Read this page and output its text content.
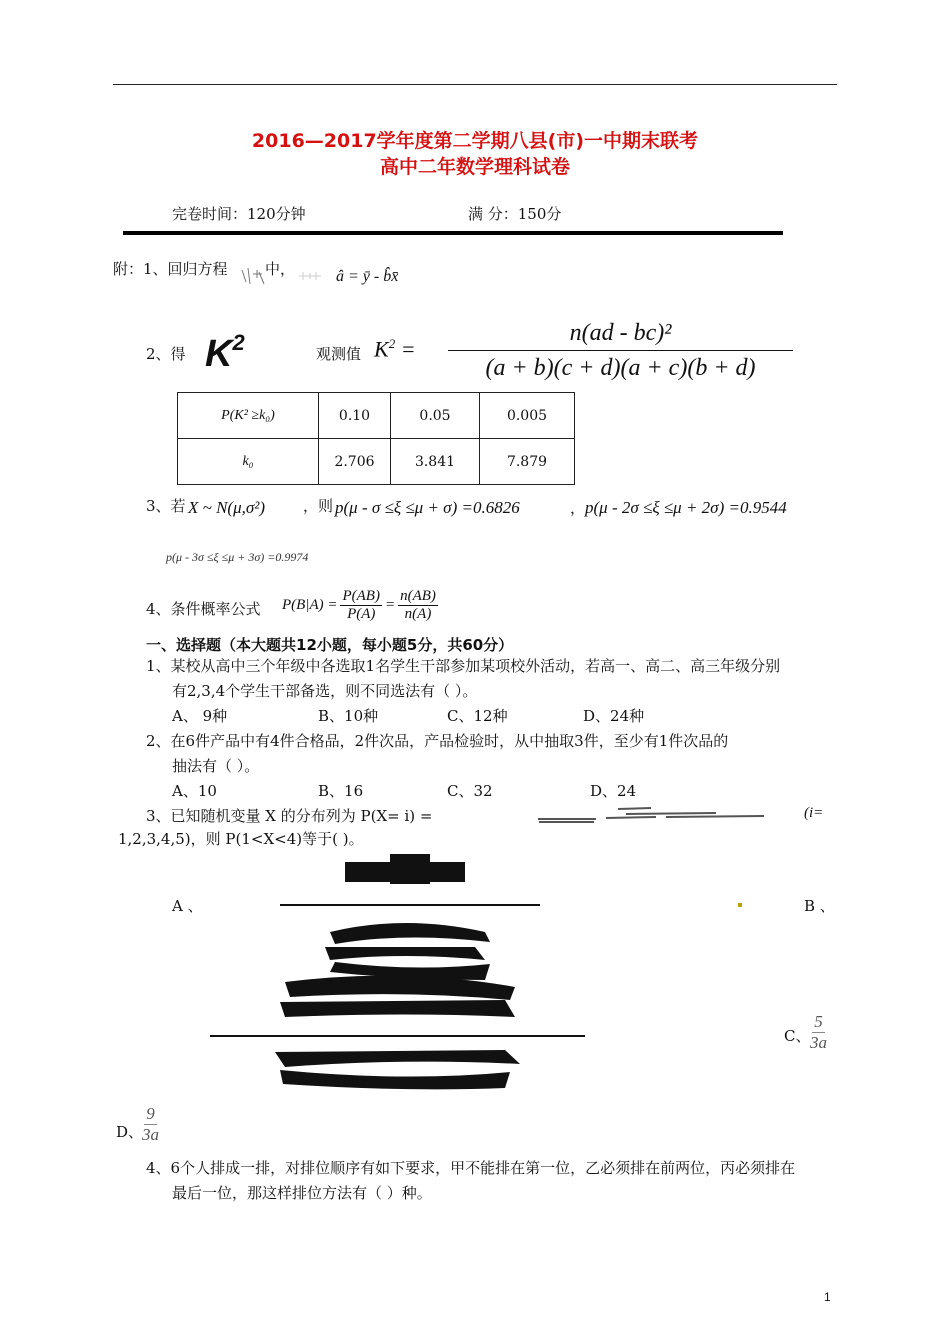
2016—2017学年度第二学期八县(市)一中期末联考
高中二年数学理科试卷
完卷时间：120分钟	满 分：150分
附：1、回归方程 中，	â = ȳ - b̂x̄
2、得 $K^2$	观测值 $K^2$ =
n(ad - bc)²
(a + b)(c + d)(a + c)(b + d)
P(K² ≥k₀)	0.10	0.05	0.005
k₀	2.706	3.841	7.879
3、若 X ~ N(μ,σ²)	，则 p(μ - σ ≤ξ ≤μ + σ) =0.6826	， p(μ - 2σ ≤ξ ≤μ + 2σ) =0.9544
p(μ - 3σ ≤ξ ≤μ + 3σ) =0.9974
4、条件概率公式 $P(B|A) = \frac{P(AB)}{P(A)} = \frac{n(AB)}{n(A)}$
一、选择题（本大题共12小题，每小题5分，共60分）
1、某校从高中三个年级中各选取1名学生干部参加某项校外活动，若高一、高二、高三年级分别
有2,3,4个学生干部备选，则不同选法有（ ）。
A、 9种	B、10种	C、12种	D、24种
2、在6件产品中有4件合格品，2件次品，产品检验时，从中抽取3件，至少有1件次品的
抽法有（ ）。
A、10	B、16	C、32	D、24
3、已知随机变量 X 的分布列为 P(X= i) =	(i=
1,2,3,4,5)，则 P(1<X<4)等于( )。
A 、	B 、
C、 $\frac{5}{3a}$
D、
$\frac{9}{3a}$
4、6个人排成一排，对排位顺序有如下要求，甲不能排在第一位，乙必须排在前两位，丙必须排在
最后一位，那这样排位方法有（ ）种。
1
